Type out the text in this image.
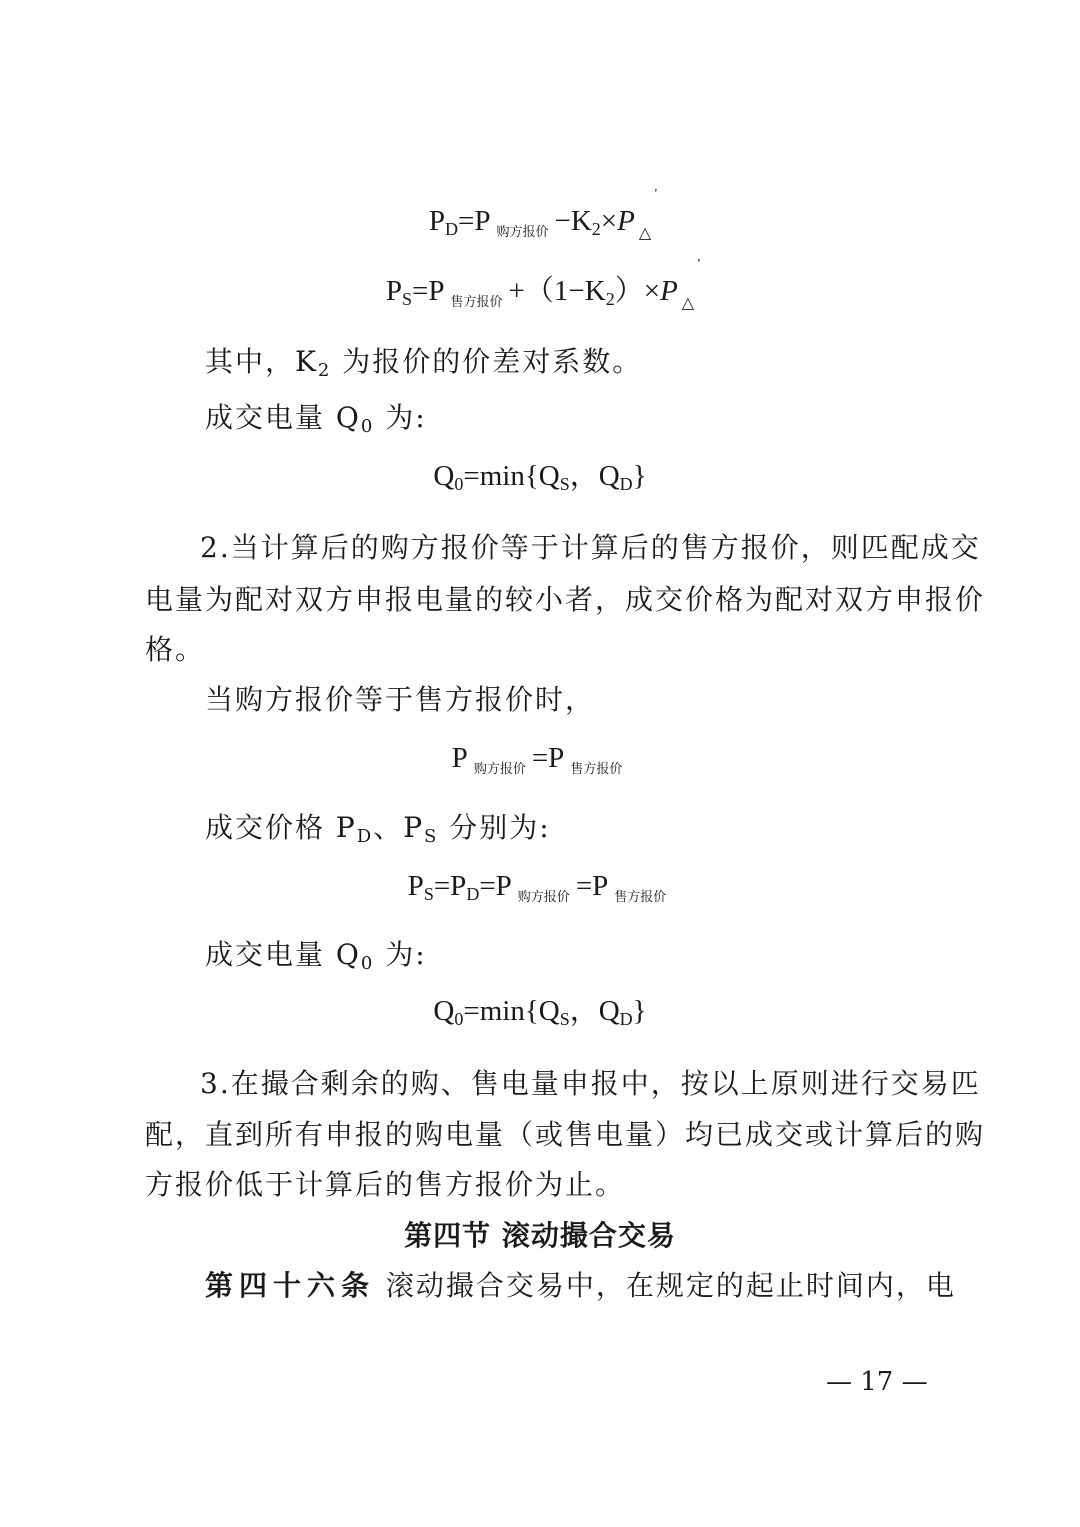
$P_D=P$ $_{购方报价} -K_2\times P$
'
$_\triangle$
$P_S=P$ $_{售方报价} +(1-K_2)\times P$
'
$_\triangle$
其中，$K_2$ 为报价的价差对系数。
成交电量 $Q_0$ 为:
$Q_0=\min\{Q_S$，$Q_D$}
2.当计算后的购方报价等于计算后的售方报价，则匹配成交
电量为配对双方申报电量的较小者，成交价格为配对双方申报价
格。
当购方报价等于售方报价时，
P $_{购方报价}$ =P $_{售方报价}$
成交价格 $P_D$、$P_S$ 分别为:
$P_S=P_D=P$ $_{购方报价}$ =P $_{售方报价}$
成交电量 $Q_0$ 为:
$Q_0=\min\{Q_S$，$Q_D$}
3.在撮合剩余的购、售电量申报中，按以上原则进行交易匹
配，直到所有申报的购电量（或售电量）均已成交或计算后的购
方报价低于计算后的售方报价为止。
第四节 滚动撮合交易
第四十六条 滚动撮合交易中，在规定的起止时间内，电
— 17 —
